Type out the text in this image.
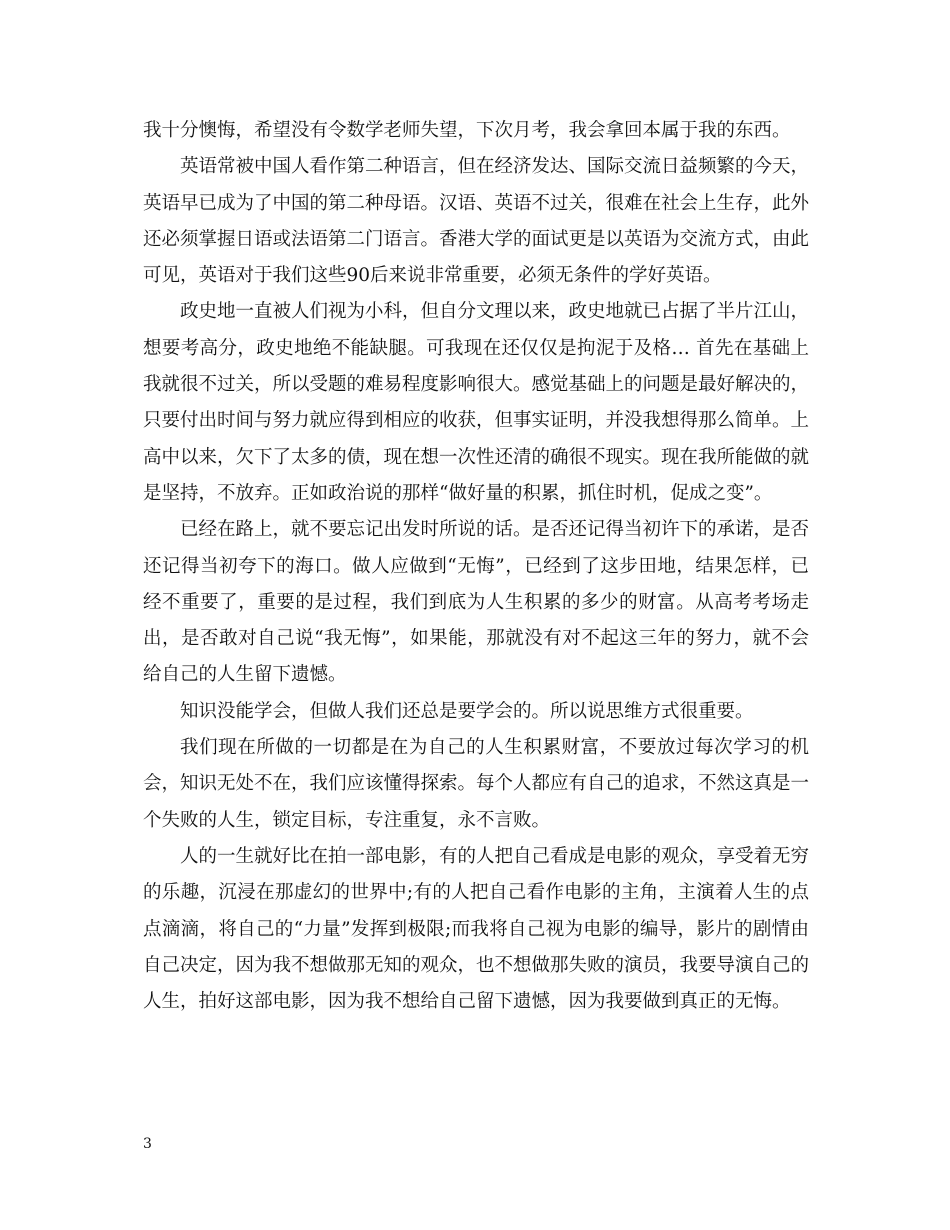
我十分懊悔，希望没有令数学老师失望，下次月考，我会拿回本属于我的东西。

英语常被中国人看作第二种语言，但在经济发达、国际交流日益频繁的今天，英语早已成为了中国的第二种母语。汉语、英语不过关，很难在社会上生存，此外还必须掌握日语或法语第二门语言。香港大学的面试更是以英语为交流方式，由此可见，英语对于我们这些90后来说非常重要，必须无条件的学好英语。

政史地一直被人们视为小科，但自分文理以来，政史地就已占据了半片江山，想要考高分，政史地绝不能缺腿。可我现在还仅仅是拘泥于及格… 首先在基础上我就很不过关，所以受题的难易程度影响很大。感觉基础上的问题是最好解决的，只要付出时间与努力就应得到相应的收获，但事实证明，并没我想得那么简单。上高中以来，欠下了太多的债，现在想一次性还清的确很不现实。现在我所能做的就是坚持，不放弃。正如政治说的那样“做好量的积累，抓住时机，促成之变”。

已经在路上，就不要忘记出发时所说的话。是否还记得当初许下的承诺，是否还记得当初夸下的海口。做人应做到“无悔”，已经到了这步田地，结果怎样，已经不重要了，重要的是过程，我们到底为人生积累的多少的财富。从高考考场走出，是否敢对自己说“我无悔”，如果能，那就没有对不起这三年的努力，就不会给自己的人生留下遗憾。

知识没能学会，但做人我们还总是要学会的。所以说思维方式很重要。

我们现在所做的一切都是在为自己的人生积累财富，不要放过每次学习的机会，知识无处不在，我们应该懂得探索。每个人都应有自己的追求，不然这真是一个失败的人生，锁定目标，专注重复，永不言败。

人的一生就好比在拍一部电影，有的人把自己看成是电影的观众，享受着无穷的乐趣，沉浸在那虚幻的世界中;有的人把自己看作电影的主角，主演着人生的点点滴滴，将自己的“力量”发挥到极限;而我将自己视为电影的编导，影片的剧情由自己决定，因为我不想做那无知的观众，也不想做那失败的演员，我要导演自己的人生，拍好这部电影，因为我不想给自己留下遗憾，因为我要做到真正的无悔。

3
